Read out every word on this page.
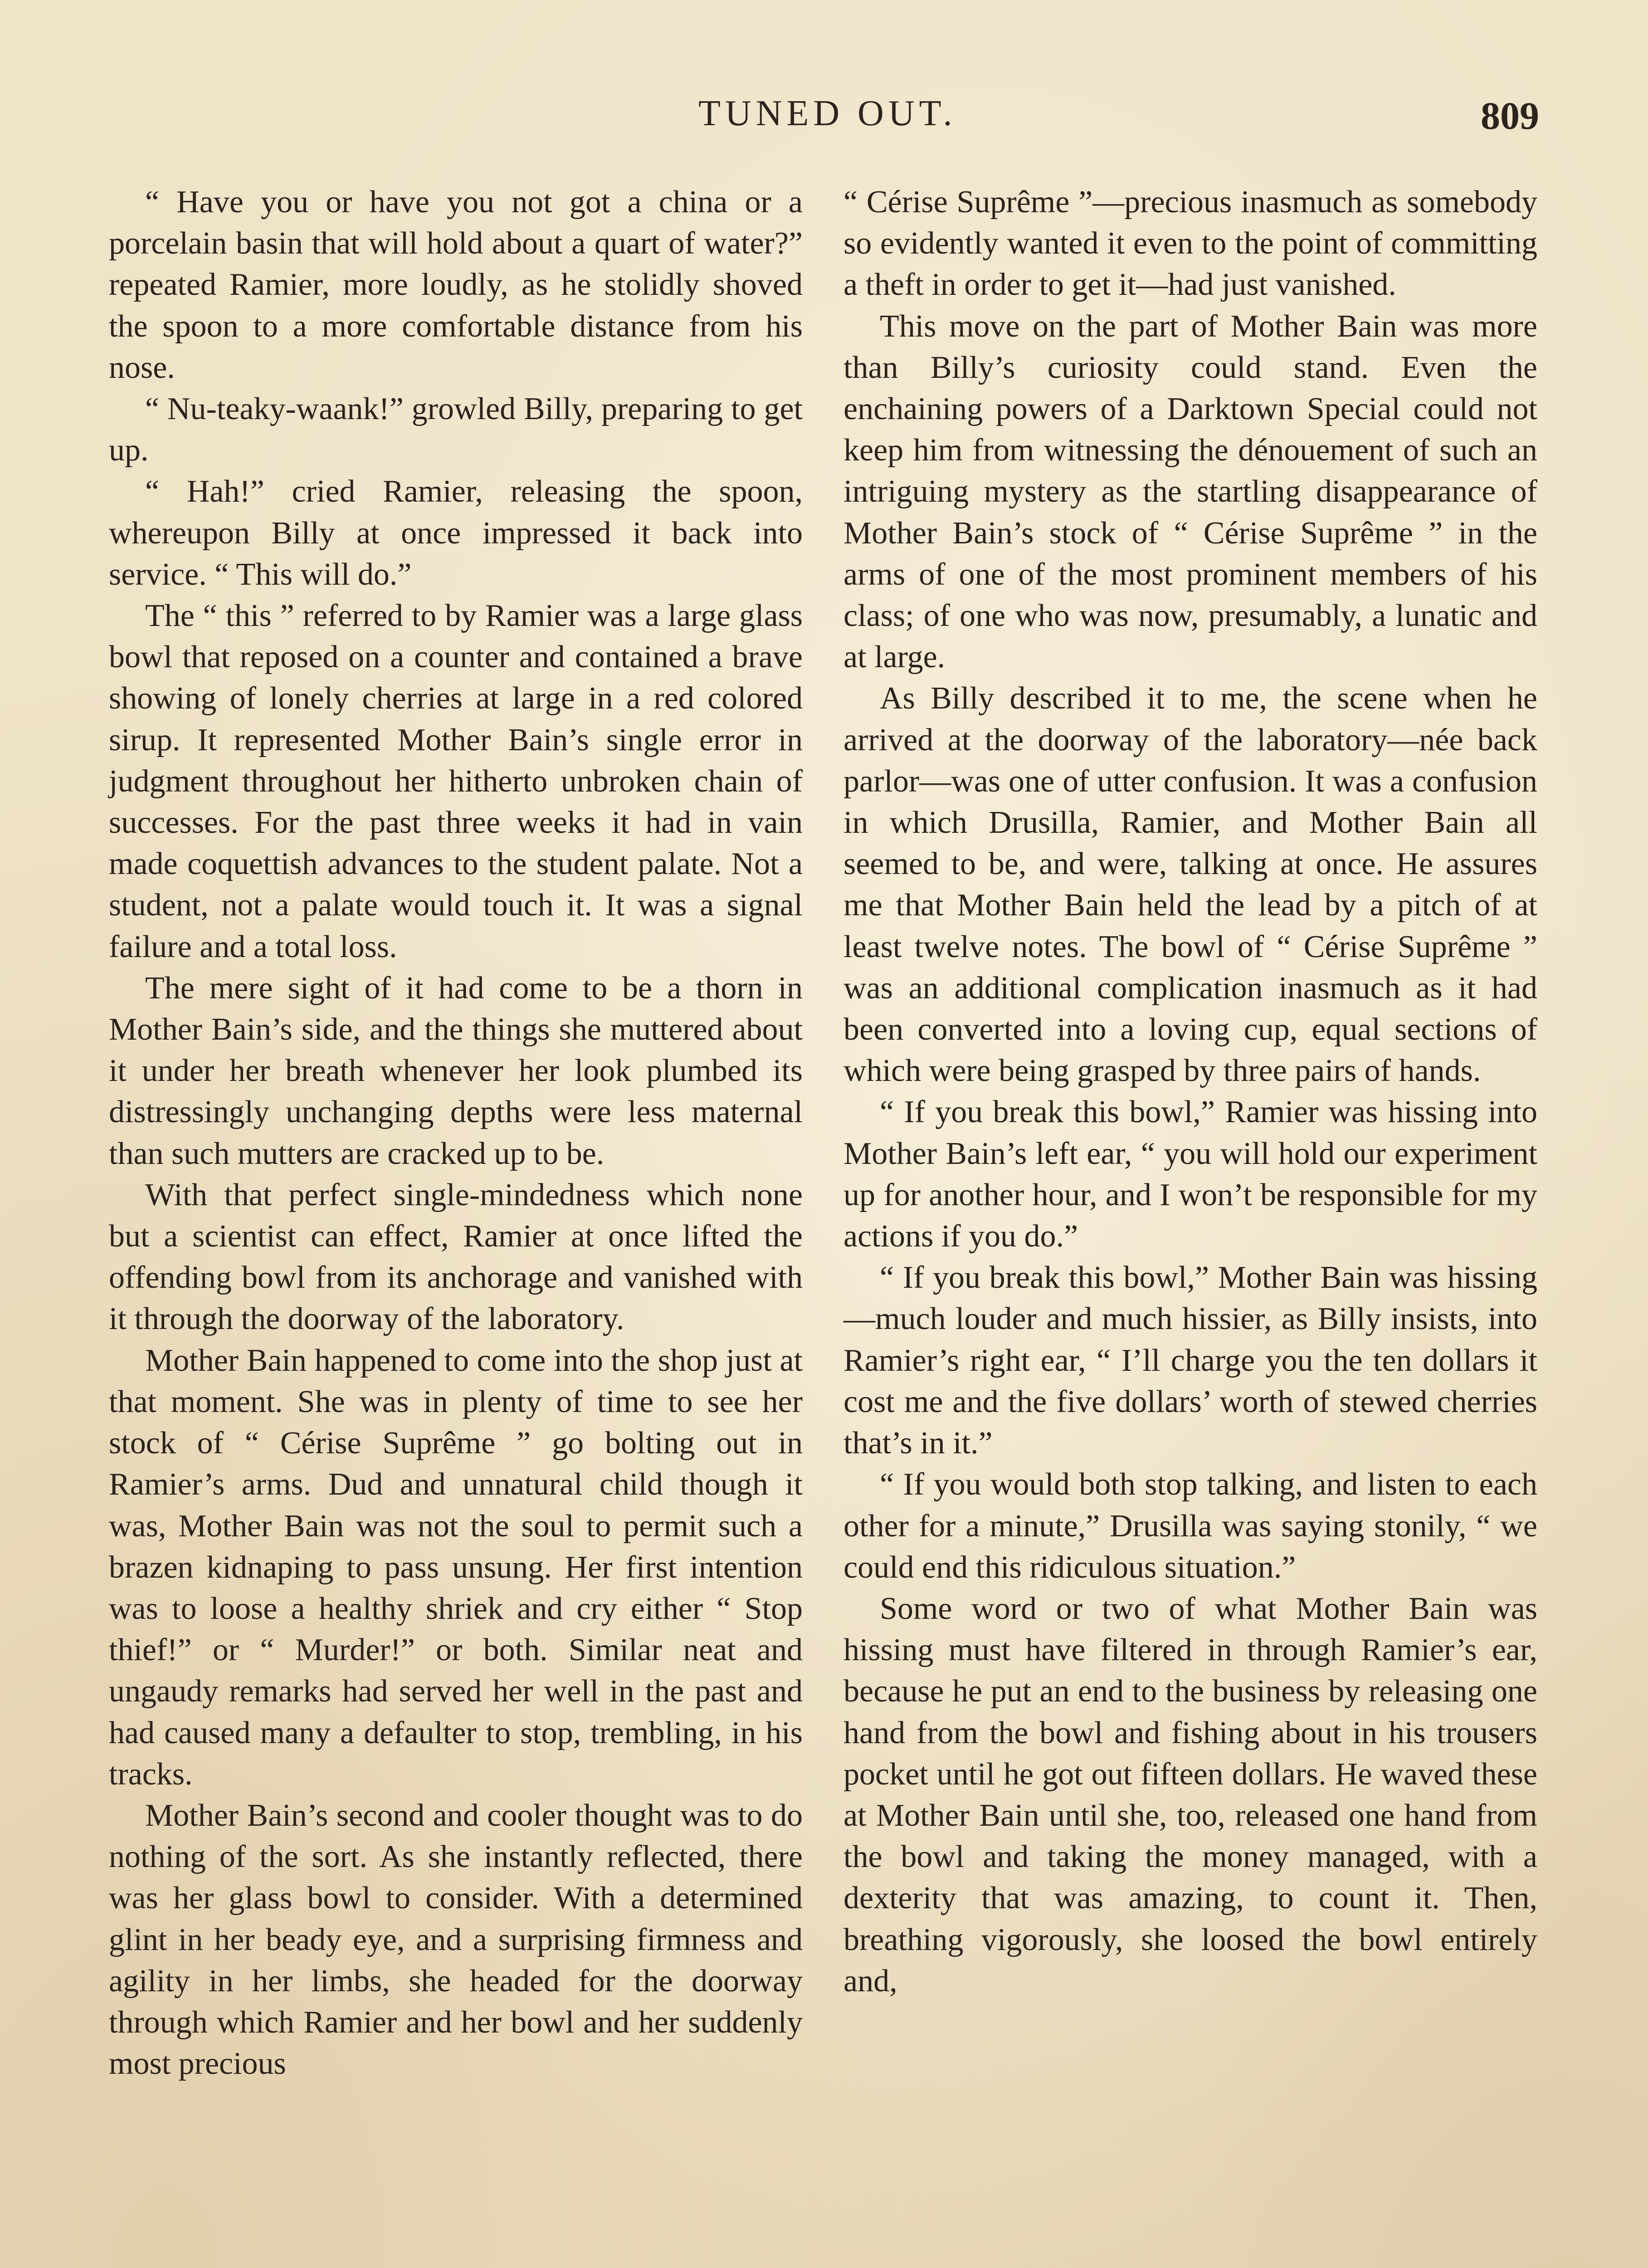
TUNED OUT.	809

“ Have you or have you not got a china or a porcelain basin that will hold about a quart of water?” repeated Ramier, more loudly, as he stolidly shoved the spoon to a more comfortable distance from his nose.

“ Nu-teaky-waank!” growled Billy, preparing to get up.

“ Hah!” cried Ramier, releasing the spoon, whereupon Billy at once impressed it back into service. “ This will do.”

The “ this ” referred to by Ramier was a large glass bowl that reposed on a counter and contained a brave showing of lonely cherries at large in a red colored sirup. It represented Mother Bain’s single error in judgment throughout her hitherto unbroken chain of successes. For the past three weeks it had in vain made coquettish advances to the student palate. Not a student, not a palate would touch it. It was a signal failure and a total loss.

The mere sight of it had come to be a thorn in Mother Bain’s side, and the things she muttered about it under her breath whenever her look plumbed its distressingly unchanging depths were less maternal than such mutters are cracked up to be.

With that perfect single-mindedness which none but a scientist can effect, Ramier at once lifted the offending bowl from its anchorage and vanished with it through the doorway of the laboratory.

Mother Bain happened to come into the shop just at that moment. She was in plenty of time to see her stock of “ Cérise Suprême ” go bolting out in Ramier’s arms. Dud and unnatural child though it was, Mother Bain was not the soul to permit such a brazen kidnaping to pass unsung. Her first intention was to loose a healthy shriek and cry either “ Stop thief!” or “ Murder!” or both. Similar neat and ungaudy remarks had served her well in the past and had caused many a defaulter to stop, trembling, in his tracks.

Mother Bain’s second and cooler thought was to do nothing of the sort. As she instantly reflected, there was her glass bowl to consider. With a determined glint in her beady eye, and a surprising firmness and agility in her limbs, she headed for the doorway through which Ramier and her bowl and her suddenly most precious

“ Cérise Suprême ”—precious inasmuch as somebody so evidently wanted it even to the point of committing a theft in order to get it—had just vanished.

This move on the part of Mother Bain was more than Billy’s curiosity could stand. Even the enchaining powers of a Darktown Special could not keep him from witnessing the dénouement of such an intriguing mystery as the startling disappearance of Mother Bain’s stock of “ Cérise Suprême ” in the arms of one of the most prominent members of his class; of one who was now, presumably, a lunatic and at large.

As Billy described it to me, the scene when he arrived at the doorway of the laboratory—née back parlor—was one of utter confusion. It was a confusion in which Drusilla, Ramier, and Mother Bain all seemed to be, and were, talking at once. He assures me that Mother Bain held the lead by a pitch of at least twelve notes. The bowl of “ Cérise Suprême ” was an additional complication inasmuch as it had been converted into a loving cup, equal sections of which were being grasped by three pairs of hands.

“ If you break this bowl,” Ramier was hissing into Mother Bain’s left ear, “ you will hold our experiment up for another hour, and I won’t be responsible for my actions if you do.”

“ If you break this bowl,” Mother Bain was hissing—much louder and much hissier, as Billy insists, into Ramier’s right ear, “ I’ll charge you the ten dollars it cost me and the five dollars’ worth of stewed cherries that’s in it.”

“ If you would both stop talking, and listen to each other for a minute,” Drusilla was saying stonily, “ we could end this ridiculous situation.”

Some word or two of what Mother Bain was hissing must have filtered in through Ramier’s ear, because he put an end to the business by releasing one hand from the bowl and fishing about in his trousers pocket until he got out fifteen dollars. He waved these at Mother Bain until she, too, released one hand from the bowl and taking the money managed, with a dexterity that was amazing, to count it. Then, breathing vigorously, she loosed the bowl entirely and,
